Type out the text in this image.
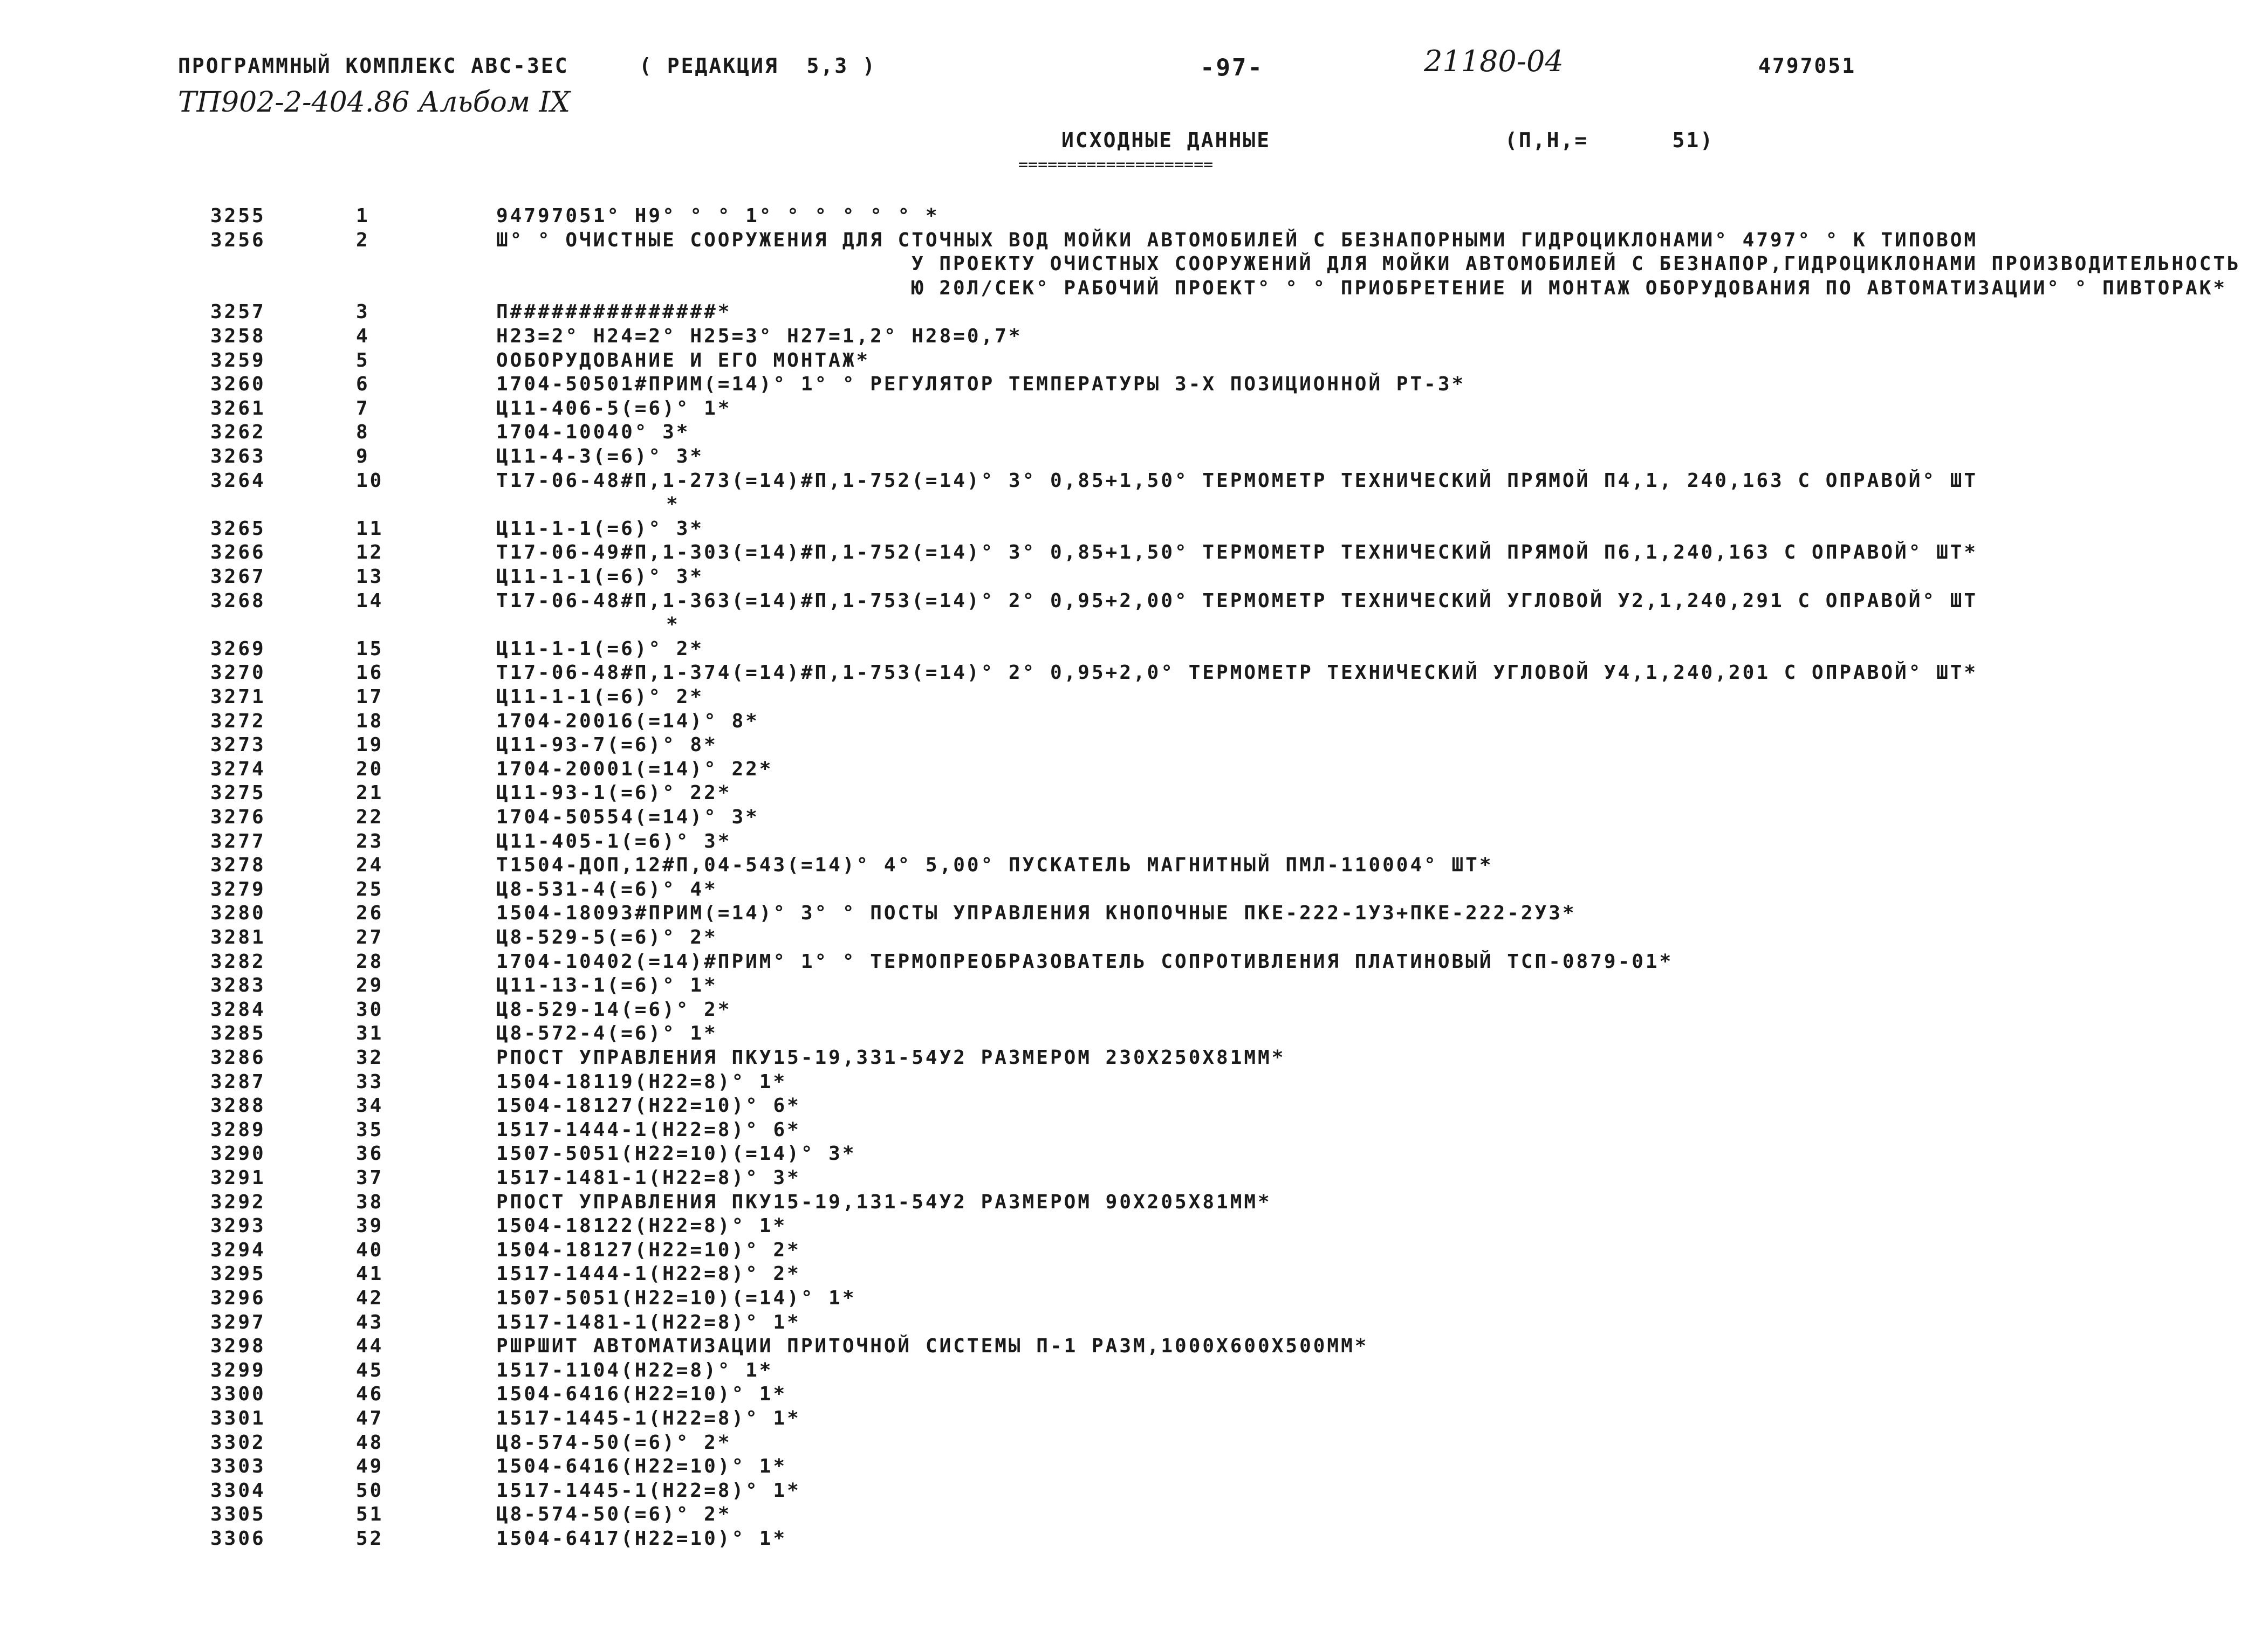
ПРОГРАММНЫЙ КОМПЛЕКС АВС-3ЕС	( РЕДАКЦИЯ  5,3 )	-97-	21180-04	4797051
ТП902-2-404.86 Альбом IX
ИСХОДНЫЕ ДАННЫЕ
====================
(П,Н,=      51)
3255	1	94797051° Н9° ° ° 1° ° ° ° ° ° *
3256	2	Ш° ° ОЧИСТНЫЕ СООРУЖЕНИЯ ДЛЯ СТОЧНЫХ ВОД МОЙКИ АВТОМОБИЛЕЙ С БЕЗНАПОРНЫМИ ГИДРОЦИКЛОНАМИ° 4797° ° К ТИПОВОМ
У ПРОЕКТУ ОЧИСТНЫХ СООРУЖЕНИЙ ДЛЯ МОЙКИ АВТОМОБИЛЕЙ С БЕЗНАПОР,ГИДРОЦИКЛОНАМИ ПРОИЗВОДИТЕЛЬНОСТЬ
Ю 20Л/СЕК° РАБОЧИЙ ПРОЕКТ° ° ° ПРИОБРЕТЕНИЕ И МОНТАЖ ОБОРУДОВАНИЯ ПО АВТОМАТИЗАЦИИ° ° ПИВТОРАК*
3257	3	П###############*
3258	4	Н23=2° Н24=2° Н25=3° Н27=1,2° Н28=0,7*
3259	5	ООБОРУДОВАНИЕ И ЕГО МОНТАЖ*
3260	6	1704-50501#ПРИМ(=14)° 1° ° РЕГУЛЯТОР ТЕМПЕРАТУРЫ 3-Х ПОЗИЦИОННОЙ РТ-3*
3261	7	Ц11-406-5(=6)° 1*
3262	8	1704-10040° 3*
3263	9	Ц11-4-3(=6)° 3*
3264	10	Т17-06-48#П,1-273(=14)#П,1-752(=14)° 3° 0,85+1,50° ТЕРМОМЕТР ТЕХНИЧЕСКИЙ ПРЯМОЙ П4,1, 240,163 С ОПРАВОЙ° ШТ
*
3265	11	Ц11-1-1(=6)° 3*
3266	12	Т17-06-49#П,1-303(=14)#П,1-752(=14)° 3° 0,85+1,50° ТЕРМОМЕТР ТЕХНИЧЕСКИЙ ПРЯМОЙ П6,1,240,163 С ОПРАВОЙ° ШТ*
3267	13	Ц11-1-1(=6)° 3*
3268	14	Т17-06-48#П,1-363(=14)#П,1-753(=14)° 2° 0,95+2,00° ТЕРМОМЕТР ТЕХНИЧЕСКИЙ УГЛОВОЙ У2,1,240,291 С ОПРАВОЙ° ШТ
*
3269	15	Ц11-1-1(=6)° 2*
3270	16	Т17-06-48#П,1-374(=14)#П,1-753(=14)° 2° 0,95+2,0° ТЕРМОМЕТР ТЕХНИЧЕСКИЙ УГЛОВОЙ У4,1,240,201 С ОПРАВОЙ° ШТ*
3271	17	Ц11-1-1(=6)° 2*
3272	18	1704-20016(=14)° 8*
3273	19	Ц11-93-7(=6)° 8*
3274	20	1704-20001(=14)° 22*
3275	21	Ц11-93-1(=6)° 22*
3276	22	1704-50554(=14)° 3*
3277	23	Ц11-405-1(=6)° 3*
3278	24	Т1504-ДОП,12#П,04-543(=14)° 4° 5,00° ПУСКАТЕЛЬ МАГНИТНЫЙ ПМЛ-110004° ШТ*
3279	25	Ц8-531-4(=6)° 4*
3280	26	1504-18093#ПРИМ(=14)° 3° ° ПОСТЫ УПРАВЛЕНИЯ КНОПОЧНЫЕ ПКЕ-222-1У3+ПКЕ-222-2У3*
3281	27	Ц8-529-5(=6)° 2*
3282	28	1704-10402(=14)#ПРИМ° 1° ° ТЕРМОПРЕОБРАЗОВАТЕЛЬ СОПРОТИВЛЕНИЯ ПЛАТИНОВЫЙ ТСП-0879-01*
3283	29	Ц11-13-1(=6)° 1*
3284	30	Ц8-529-14(=6)° 2*
3285	31	Ц8-572-4(=6)° 1*
3286	32	РПОСТ УПРАВЛЕНИЯ ПКУ15-19,331-54У2 РАЗМЕРОМ 230Х250Х81ММ*
3287	33	1504-18119(Н22=8)° 1*
3288	34	1504-18127(Н22=10)° 6*
3289	35	1517-1444-1(Н22=8)° 6*
3290	36	1507-5051(Н22=10)(=14)° 3*
3291	37	1517-1481-1(Н22=8)° 3*
3292	38	РПОСТ УПРАВЛЕНИЯ ПКУ15-19,131-54У2 РАЗМЕРОМ 90Х205Х81ММ*
3293	39	1504-18122(Н22=8)° 1*
3294	40	1504-18127(Н22=10)° 2*
3295	41	1517-1444-1(Н22=8)° 2*
3296	42	1507-5051(Н22=10)(=14)° 1*
3297	43	1517-1481-1(Н22=8)° 1*
3298	44	РШРШИТ АВТОМАТИЗАЦИИ ПРИТОЧНОЙ СИСТЕМЫ П-1 РАЗМ,1000Х600Х500ММ*
3299	45	1517-1104(Н22=8)° 1*
3300	46	1504-6416(Н22=10)° 1*
3301	47	1517-1445-1(Н22=8)° 1*
3302	48	Ц8-574-50(=6)° 2*
3303	49	1504-6416(Н22=10)° 1*
3304	50	1517-1445-1(Н22=8)° 1*
3305	51	Ц8-574-50(=6)° 2*
3306	52	1504-6417(Н22=10)° 1*
